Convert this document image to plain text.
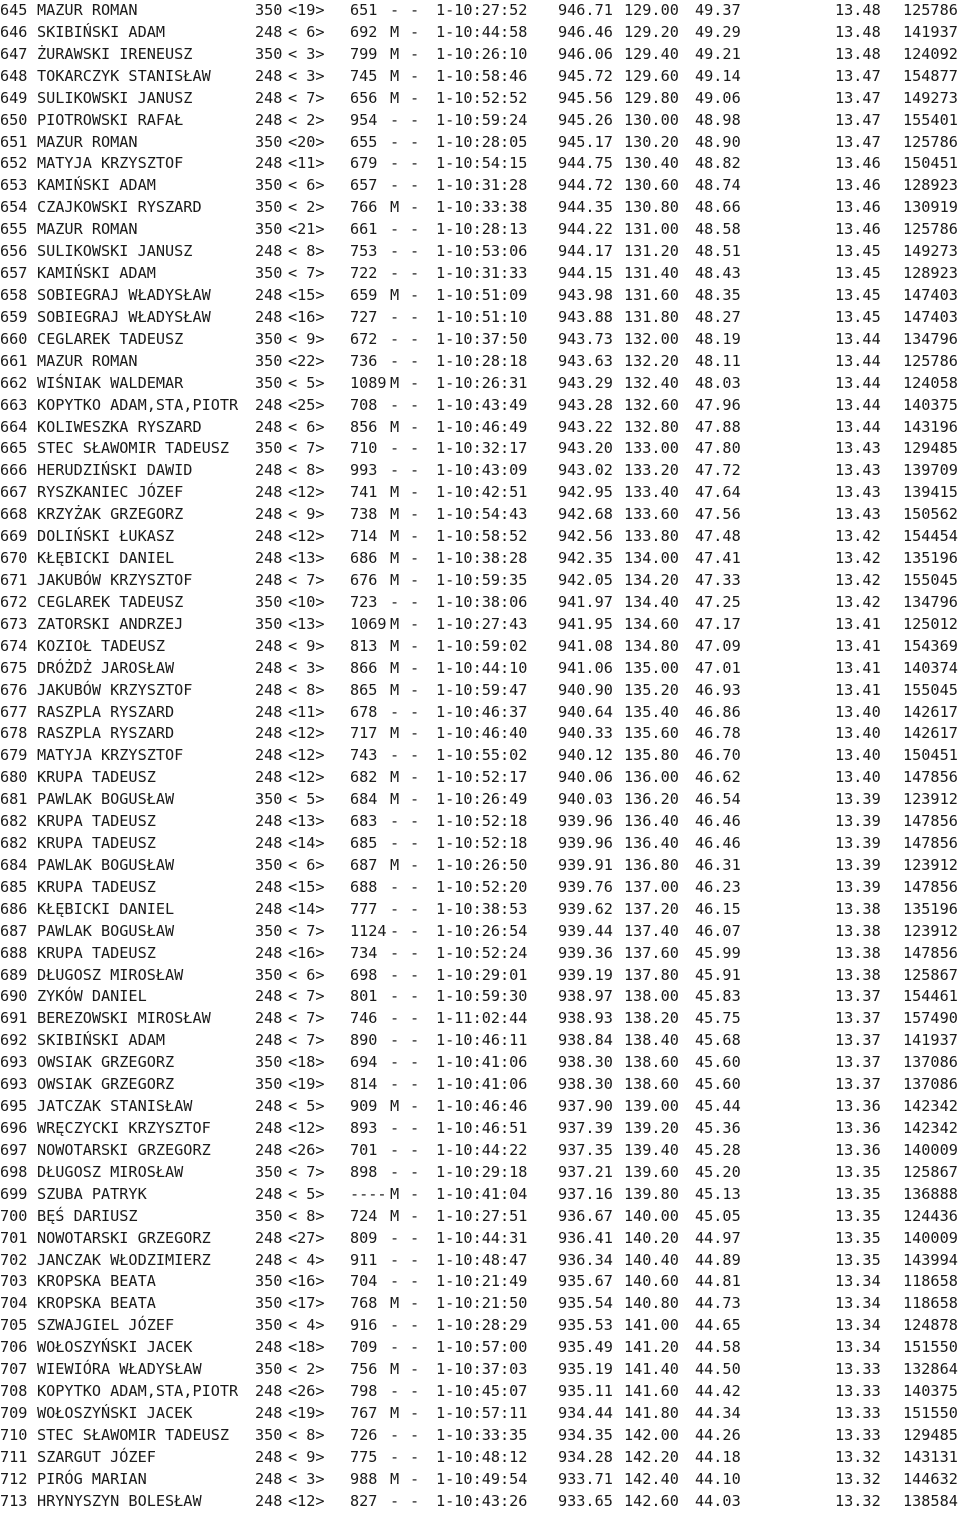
645 MAZUR ROMAN	350 <19> 651 - - 1-10:27:52 946.71 129.00 49.37	13.48 125786
646 SKIBIŃSKI ADAM	248 < 6> 692 M - 1-10:44:58 946.46 129.20 49.29	13.48 141937
647 ŻURAWSKI IRENEUSZ	350 < 3> 799 M - 1-10:26:10 946.06 129.40 49.21	13.48 124092
648 TOKARCZYK STANISŁAW	248 < 3> 745 M - 1-10:58:46 945.72 129.60 49.14	13.47 154877
649 SULIKOWSKI JANUSZ	248 < 7> 656 M - 1-10:52:52 945.56 129.80 49.06	13.47 149273
650 PIOTROWSKI RAFAŁ	248 < 2> 954 - - 1-10:59:24 945.26 130.00 48.98	13.47 155401
651 MAZUR ROMAN	350 <20> 655 - - 1-10:28:05 945.17 130.20 48.90	13.47 125786
652 MATYJA KRZYSZTOF	248 <11> 679 - - 1-10:54:15 944.75 130.40 48.82	13.46 150451
653 KAMIŃSKI ADAM	350 < 6> 657 - - 1-10:31:28 944.72 130.60 48.74	13.46 128923
654 CZAJKOWSKI RYSZARD	350 < 2> 766 M - 1-10:33:38 944.35 130.80 48.66	13.46 130919
655 MAZUR ROMAN	350 <21> 661 - - 1-10:28:13 944.22 131.00 48.58	13.46 125786
656 SULIKOWSKI JANUSZ	248 < 8> 753 - - 1-10:53:06 944.17 131.20 48.51	13.45 149273
657 KAMIŃSKI ADAM	350 < 7> 722 - - 1-10:31:33 944.15 131.40 48.43	13.45 128923
658 SOBIEGRAJ WŁADYSŁAW	248 <15> 659 M - 1-10:51:09 943.98 131.60 48.35	13.45 147403
659 SOBIEGRAJ WŁADYSŁAW	248 <16> 727 - - 1-10:51:10 943.88 131.80 48.27	13.45 147403
660 CEGLAREK TADEUSZ	350 < 9> 672 - - 1-10:37:50 943.73 132.00 48.19	13.44 134796
661 MAZUR ROMAN	350 <22> 736 - - 1-10:28:18 943.63 132.20 48.11	13.44 125786
662 WIŚNIAK WALDEMAR	350 < 5> 1089 M - 1-10:26:31 943.29 132.40 48.03	13.44 124058
663 KOPYTKO ADAM,STA,PIOTR 248 <25> 708 - - 1-10:43:49 943.28 132.60 47.96	13.44 140375
664 KOLIWESZKA RYSZARD	248 < 6> 856 M - 1-10:46:49 943.22 132.80 47.88	13.44 143196
665 STEC SŁAWOMIR TADEUSZ 350 < 7> 710 - - 1-10:32:17 943.20 133.00 47.80	13.43 129485
666 HERUDZIŃSKI DAWID	248 < 8> 993 - - 1-10:43:09 943.02 133.20 47.72	13.43 139709
667 RYSZKANIEC JÓZEF	248 <12> 741 M - 1-10:42:51 942.95 133.40 47.64	13.43 139415
668 KRZYŻAK GRZEGORZ	248 < 9> 738 M - 1-10:54:43 942.68 133.60 47.56	13.43 150562
669 DOLIŃSKI ŁUKASZ	248 <12> 714 M - 1-10:58:52 942.56 133.80 47.48	13.42 154454
670 KŁĘBICKI DANIEL	248 <13> 686 M - 1-10:38:28 942.35 134.00 47.41	13.42 135196
671 JAKUBÓW KRZYSZTOF	248 < 7> 676 M - 1-10:59:35 942.05 134.20 47.33	13.42 155045
672 CEGLAREK TADEUSZ	350 <10> 723 - - 1-10:38:06 941.97 134.40 47.25	13.42 134796
673 ZATORSKI ANDRZEJ	350 <13> 1069 M - 1-10:27:43 941.95 134.60 47.17	13.41 125012
674 KOZIOŁ TADEUSZ	248 < 9> 813 M - 1-10:59:02 941.08 134.80 47.09	13.41 154369
675 DRÓŻDŻ JAROSŁAW	248 < 3> 866 M - 1-10:44:10 941.06 135.00 47.01	13.41 140374
676 JAKUBÓW KRZYSZTOF	248 < 8> 865 M - 1-10:59:47 940.90 135.20 46.93	13.41 155045
677 RASZPLA RYSZARD	248 <11> 678 - - 1-10:46:37 940.64 135.40 46.86	13.40 142617
678 RASZPLA RYSZARD	248 <12> 717 M - 1-10:46:40 940.33 135.60 46.78	13.40 142617
679 MATYJA KRZYSZTOF	248 <12> 743 - - 1-10:55:02 940.12 135.80 46.70	13.40 150451
680 KRUPA TADEUSZ	248 <12> 682 M - 1-10:52:17 940.06 136.00 46.62	13.40 147856
681 PAWLAK BOGUSŁAW	350 < 5> 684 M - 1-10:26:49 940.03 136.20 46.54	13.39 123912
682 KRUPA TADEUSZ	248 <13> 683 - - 1-10:52:18 939.96 136.40 46.46	13.39 147856
682 KRUPA TADEUSZ	248 <14> 685 - - 1-10:52:18 939.96 136.40 46.46	13.39 147856
684 PAWLAK BOGUSŁAW	350 < 6> 687 M - 1-10:26:50 939.91 136.80 46.31	13.39 123912
685 KRUPA TADEUSZ	248 <15> 688 - - 1-10:52:20 939.76 137.00 46.23	13.39 147856
686 KŁĘBICKI DANIEL	248 <14> 777 - - 1-10:38:53 939.62 137.20 46.15	13.38 135196
687 PAWLAK BOGUSŁAW	350 < 7> 1124 - - 1-10:26:54 939.44 137.40 46.07	13.38 123912
688 KRUPA TADEUSZ	248 <16> 734 - - 1-10:52:24 939.36 137.60 45.99	13.38 147856
689 DŁUGOSZ MIROSŁAW	350 < 6> 698 - - 1-10:29:01 939.19 137.80 45.91	13.38 125867
690 ZYKÓW DANIEL	248 < 7> 801 - - 1-10:59:30 938.97 138.00 45.83	13.37 154461
691 BEREZOWSKI MIROSŁAW	248 < 7> 746 - - 1-11:02:44 938.93 138.20 45.75	13.37 157490
692 SKIBIŃSKI ADAM	248 < 7> 890 - - 1-10:46:11 938.84 138.40 45.68	13.37 141937
693 OWSIAK GRZEGORZ	350 <18> 694 - - 1-10:41:06 938.30 138.60 45.60	13.37 137086
693 OWSIAK GRZEGORZ	350 <19> 814 - - 1-10:41:06 938.30 138.60 45.60	13.37 137086
695 JATCZAK STANISŁAW	248 < 5> 909 M - 1-10:46:46 937.90 139.00 45.44	13.36 142342
696 WRĘCZYCKI KRZYSZTOF	248 <12> 893 - - 1-10:46:51 937.39 139.20 45.36	13.36 142342
697 NOWOTARSKI GRZEGORZ	248 <26> 701 - - 1-10:44:22 937.35 139.40 45.28	13.36 140009
698 DŁUGOSZ MIROSŁAW	350 < 7> 898 - - 1-10:29:18 937.21 139.60 45.20	13.35 125867
699 SZUBA PATRYK	248 < 5> ---- M - 1-10:41:04 937.16 139.80 45.13	13.35 136888
700 BĘŚ DARIUSZ	350 < 8> 724 M - 1-10:27:51 936.67 140.00 45.05	13.35 124436
701 NOWOTARSKI GRZEGORZ	248 <27> 809 - - 1-10:44:31 936.41 140.20 44.97	13.35 140009
702 JANCZAK WŁODZIMIERZ	248 < 4> 911 - - 1-10:48:47 936.34 140.40 44.89	13.35 143994
703 KROPSKA BEATA	350 <16> 704 - - 1-10:21:49 935.67 140.60 44.81	13.34 118658
704 KROPSKA BEATA	350 <17> 768 M - 1-10:21:50 935.54 140.80 44.73	13.34 118658
705 SZWAJGIEL JÓZEF	350 < 4> 916 - - 1-10:28:29 935.53 141.00 44.65	13.34 124878
706 WOŁOSZYŃSKI JACEK	248 <18> 709 - - 1-10:57:00 935.49 141.20 44.58	13.34 151550
707 WIEWIÓRA WŁADYSŁAW	350 < 2> 756 M - 1-10:37:03 935.19 141.40 44.50	13.33 132864
708 KOPYTKO ADAM,STA,PIOTR 248 <26> 798 - - 1-10:45:07 935.11 141.60 44.42	13.33 140375
709 WOŁOSZYŃSKI JACEK	248 <19> 767 M - 1-10:57:11 934.44 141.80 44.34	13.33 151550
710 STEC SŁAWOMIR TADEUSZ 350 < 8> 726 - - 1-10:33:35 934.35 142.00 44.26	13.33 129485
711 SZARGUT JÓZEF	248 < 9> 775 - - 1-10:48:12 934.28 142.20 44.18	13.32 143131
712 PIRÓG MARIAN	248 < 3> 988 M - 1-10:49:54 933.71 142.40 44.10	13.32 144632
713 HRYNYSZYN BOLESŁAW	248 <12> 827 - - 1-10:43:26 933.65 142.60 44.03	13.32 138584
